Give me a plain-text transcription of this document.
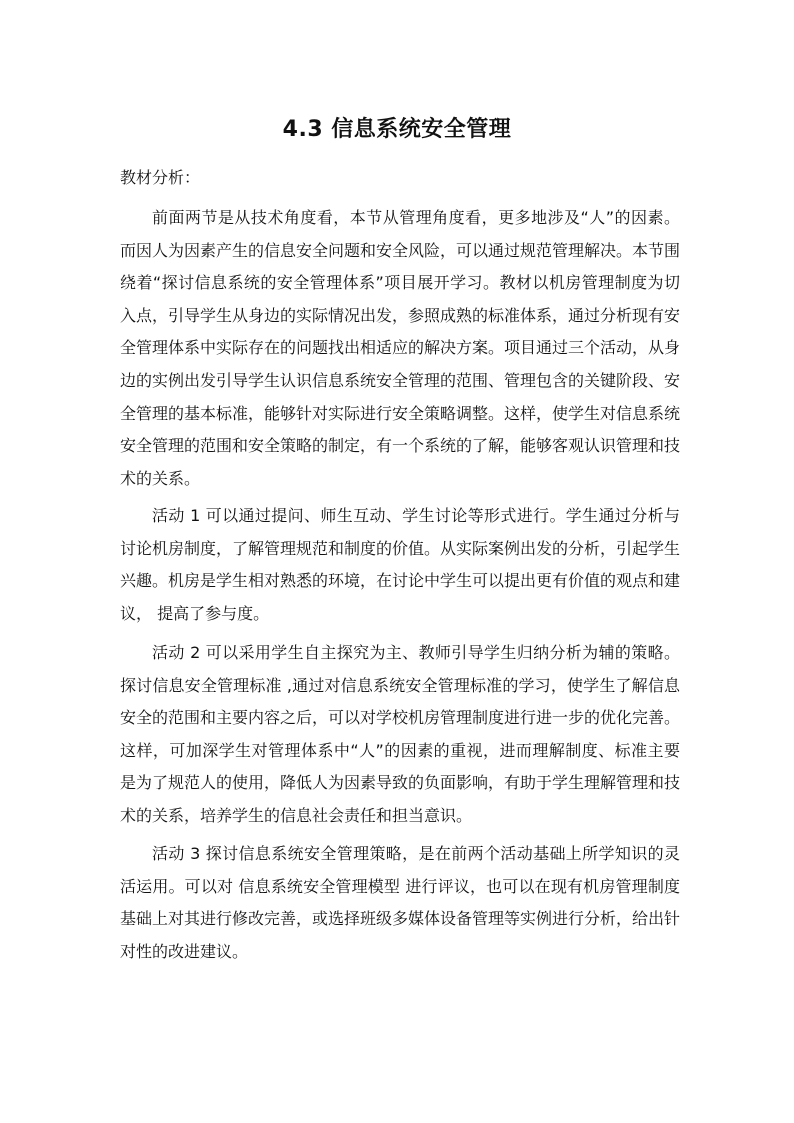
4.3 信息系统安全管理
教材分析：

前面两节是从技术角度看，本节从管理角度看，更多地涉及“人”的因素。而因人为因素产生的信息安全问题和安全风险，可以通过规范管理解决。本节围绕着“探讨信息系统的安全管理体系”项目展开学习。教材以机房管理制度为切入点，引导学生从身边的实际情况出发，参照成熟的标准体系，通过分析现有安全管理体系中实际存在的问题找出相适应的解决方案。项目通过三个活动，从身边的实例出发引导学生认识信息系统安全管理的范围、管理包含的关键阶段、安全管理的基本标准，能够针对实际进行安全策略调整。这样，使学生对信息系统安全管理的范围和安全策略的制定，有一个系统的了解，能够客观认识管理和技术的关系。

活动 1 可以通过提问、师生互动、学生讨论等形式进行。学生通过分析与讨论机房制度，了解管理规范和制度的价值。从实际案例出发的分析，引起学生兴趣。机房是学生相对熟悉的环境，在讨论中学生可以提出更有价值的观点和建议， 提高了参与度。

活动 2 可以采用学生自主探究为主、教师引导学生归纳分析为辅的策略。探讨信息安全管理标准 ,通过对信息系统安全管理标准的学习，使学生了解信息安全的范围和主要内容之后，可以对学校机房管理制度进行进一步的优化完善。这样，可加深学生对管理体系中“人”的因素的重视，进而理解制度、标准主要是为了规范人的使用，降低人为因素导致的负面影响，有助于学生理解管理和技术的关系，培养学生的信息社会责任和担当意识。

活动 3 探讨信息系统安全管理策略，是在前两个活动基础上所学知识的灵活运用。可以对 信息系统安全管理模型 进行评议，也可以在现有机房管理制度基础上对其进行修改完善，或选择班级多媒体设备管理等实例进行分析，给出针对性的改进建议。
